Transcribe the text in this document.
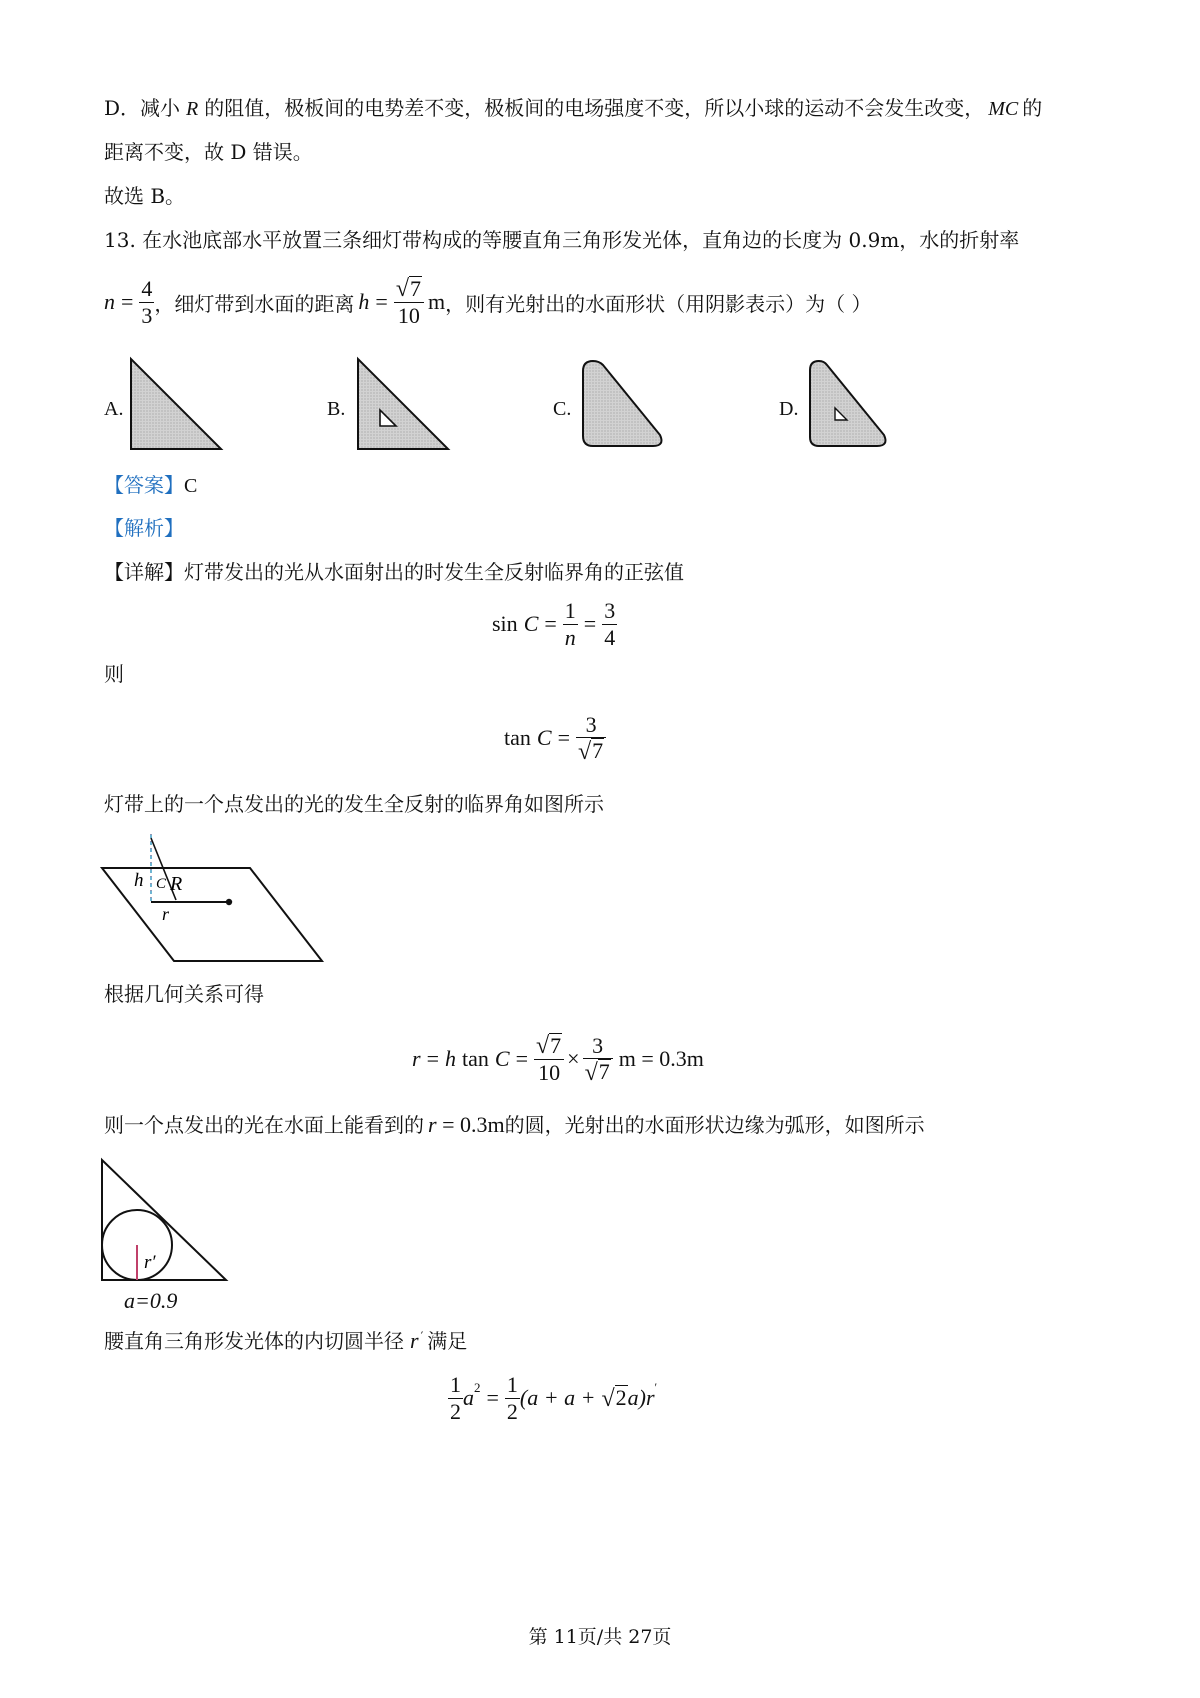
D．减小 R 的阻值，极板间的电势差不变，极板间的电场强度不变，所以小球的运动不会发生改变， MC 的
距离不变，故 D 错误。
故选 B。
13. 在水池底部水平放置三条细灯带构成的等腰直角三角形发光体，直角边的长度为 0.9m，水的折射率
$n = \frac{4}{3}$ ，细灯带到水面的距离 $h = \frac{√ 7}{10}$ m ，则有光射出的水面形状（用阴影表示）为（ ）
A.	B.	C.	D.
【答案】C
【解析】
【详解】灯带发出的光从水面射出的时发生全反射临界角的正弦值
$\sin C = \frac{1}{n} = \frac{3}{4}$
则
$\tan C = \frac{3}{√ 7}$
灯带上的一个点发出的光的发生全反射的临界角如图所示
h C R
r
根据几何关系可得
r = h $\tan C = \frac{√ 7}{10} \times \frac{3}{√ 7}$ m = 0.3m
则一个点发出的光在水面上能看到的 r = 0.3m的圆，光射出的水面形状边缘为弧形，如图所示
r′
a=0.9
腰直角三角形发光体的内切圆半径 r ′ 满足
$\frac{1}{2} a^2 = \frac{1}{2} (a + a$ + √ 2 a)r′
第 11页/共 27页
